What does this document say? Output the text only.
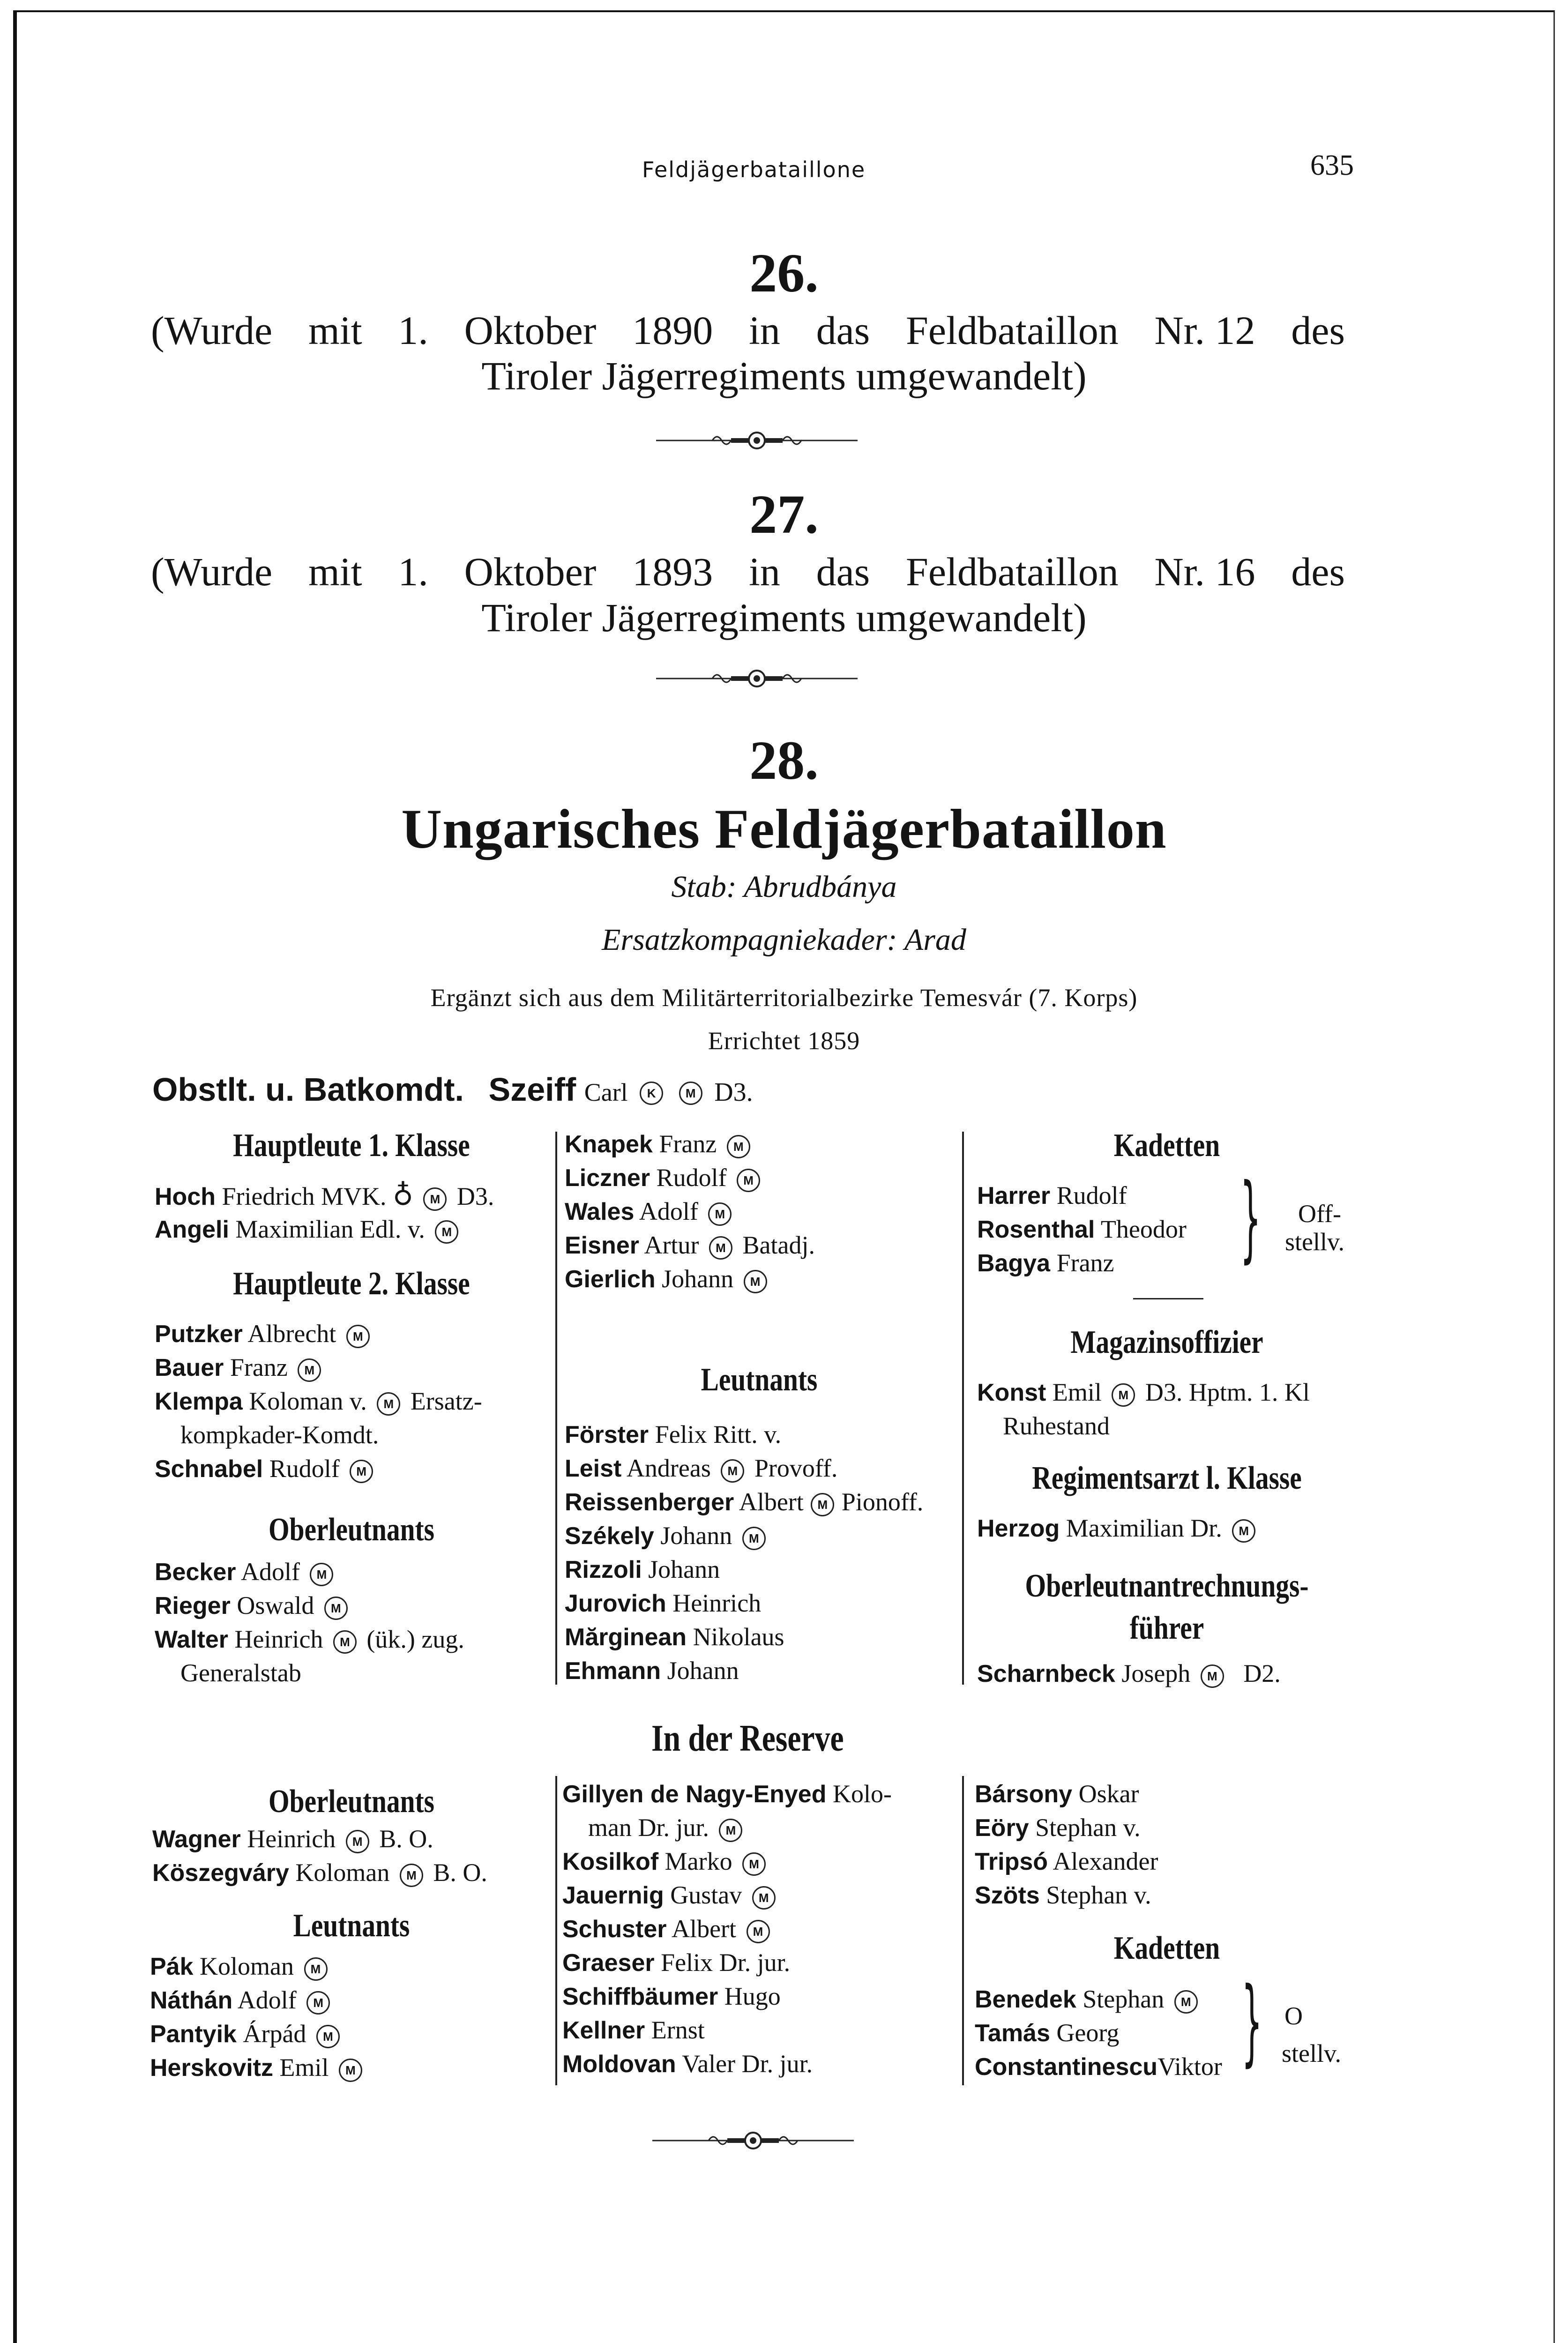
Feldjägerbataillone	635
26.
(Wurde mit 1. Oktober 1890 in das Feldbataillon Nr. 12 des
Tiroler Jägerregiments umgewandelt)
27.
(Wurde mit 1. Oktober 1893 in das Feldbataillon Nr. 16 des
Tiroler Jägerregiments umgewandelt)
28.
Ungarisches Feldjägerbataillon
Stab: Abrudbánya
Ersatzkompagniekader: Arad
Ergänzt sich aus dem Militärterritorialbezirke Temesvár (7. Korps)
Errichtet 1859
Obstlt. u. Batkomdt. Szeiff Carl K M D3.
Hauptleute 1. Klasse
Hoch Friedrich MVK. ♁ M D3.
Angeli Maximilian Edl. v. M
Hauptleute 2. Klasse
Putzker Albrecht M
Bauer Franz M
Klempa Koloman v. M Ersatz-
kompkader-Komdt.
Schnabel Rudolf M
Oberleutnants
Becker Adolf M
Rieger Oswald M
Walter Heinrich M (ük.) zug.
Generalstab
Knapek Franz M
Liczner Rudolf M
Wales Adolf M
Eisner Artur M Batadj.
Gierlich Johann M
Leutnants
Förster Felix Ritt. v.
Leist Andreas M Provoff.
Reissenberger Albert M Pionoff.
Székely Johann M
Rizzoli Johann
Jurovich Heinrich
Mărginean Nikolaus
Ehmann Johann
Kadetten
Harrer Rudolf
Rosenthal Theodor
Bagya Franz }	Off-
stellv.
Magazinsoffizier
Konst Emil M D3. Hptm. 1. Kl
Ruhestand
Regimentsarzt l. Klasse
Herzog Maximilian Dr. M
Oberleutnantrechnungs-
führer
Scharnbeck Joseph M D2.
In der Reserve
Oberleutnants
Wagner Heinrich M B. O.
Köszegváry Koloman M B. O.
Leutnants
Pák Koloman M
Náthán Adolf M
Pantyik Árpád M
Herskovitz Emil M
Gillyen de Nagy-Enyed Kolo-
man Dr. jur. M
Kosilkof Marko M
Jauernig Gustav M
Schuster Albert M
Graeser Felix Dr. jur.
Schiffbäumer Hugo
Kellner Ernst
Moldovan Valer Dr. jur.
Bársony Oskar
Eöry Stephan v.
Tripsó Alexander
Szöts Stephan v.
Kadetten
Benedek Stephan M
Tamás Georg
ConstantinescuViktor } O
stellv.
